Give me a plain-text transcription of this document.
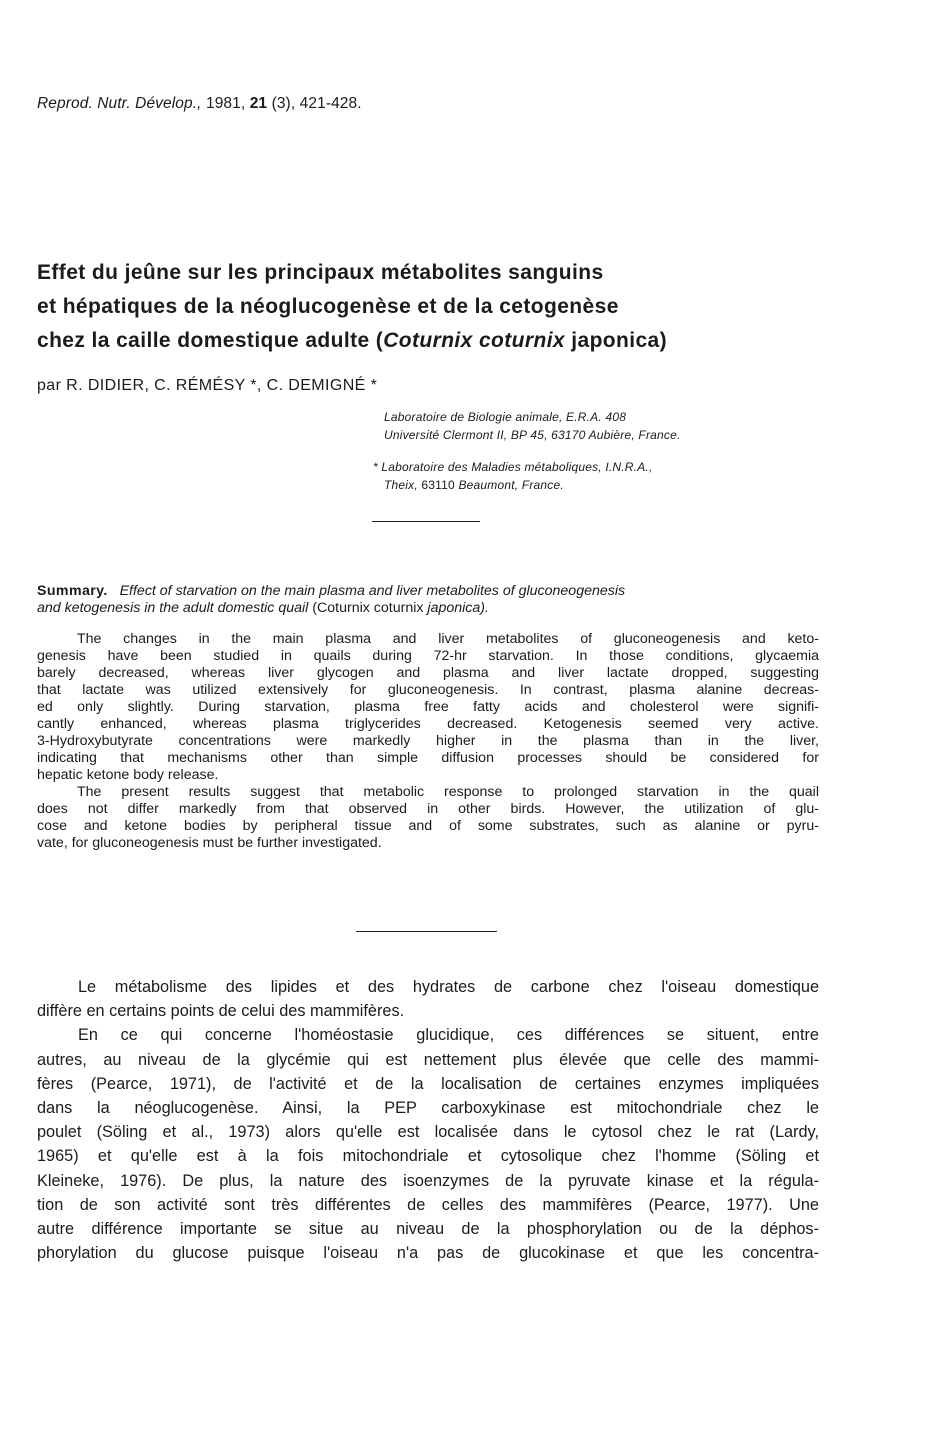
Reprod. Nutr. Dévelop., 1981, 21 (3), 421-428.
Effet du jeûne sur les principaux métabolites sanguins
et hépatiques de la néoglucogenèse et de la cetogenèse
chez la caille domestique adulte (Coturnix coturnix japonica)
par R. DIDIER, C. RÉMÉSY *, C. DEMIGNÉ *
Laboratoire de Biologie animale, E.R.A. 408
Université Clermont II, BP 45, 63170 Aubière, France.
* Laboratoire des Maladies métaboliques, I.N.R.A.,
Theix, 63110 Beaumont, France.
Summary. Effect of starvation on the main plasma and liver metabolites of gluconeogenesis
and ketogenesis in the adult domestic quail (Coturnix coturnix japonica).
The changes in the main plasma and liver metabolites of gluconeogenesis and keto-
genesis have been studied in quails during 72-hr starvation. In those conditions, glycaemia
barely decreased, whereas liver glycogen and plasma and liver lactate dropped, suggesting
that lactate was utilized extensively for gluconeogenesis. In contrast, plasma alanine decreas-
ed only slightly. During starvation, plasma free fatty acids and cholesterol were signifi-
cantly enhanced, whereas plasma triglycerides decreased. Ketogenesis seemed very active.
3-Hydroxybutyrate concentrations were markedly higher in the plasma than in the liver,
indicating that mechanisms other than simple diffusion processes should be considered for
hepatic ketone body release.
The present results suggest that metabolic response to prolonged starvation in the quail
does not differ markedly from that observed in other birds. However, the utilization of glu-
cose and ketone bodies by peripheral tissue and of some substrates, such as alanine or pyru-
vate, for gluconeogenesis must be further investigated.
Le métabolisme des lipides et des hydrates de carbone chez l'oiseau domestique
diffère en certains points de celui des mammifères.
En ce qui concerne l'homéostasie glucidique, ces différences se situent, entre
autres, au niveau de la glycémie qui est nettement plus élevée que celle des mammi-
fères (Pearce, 1971), de l'activité et de la localisation de certaines enzymes impliquées
dans la néoglucogenèse. Ainsi, la PEP carboxykinase est mitochondriale chez le
poulet (Söling et al., 1973) alors qu'elle est localisée dans le cytosol chez le rat (Lardy,
1965) et qu'elle est à la fois mitochondriale et cytosolique chez l'homme (Söling et
Kleineke, 1976). De plus, la nature des isoenzymes de la pyruvate kinase et la régula-
tion de son activité sont très différentes de celles des mammifères (Pearce, 1977). Une
autre différence importante se situe au niveau de la phosphorylation ou de la déphos-
phorylation du glucose puisque l'oiseau n'a pas de glucokinase et que les concentra-
